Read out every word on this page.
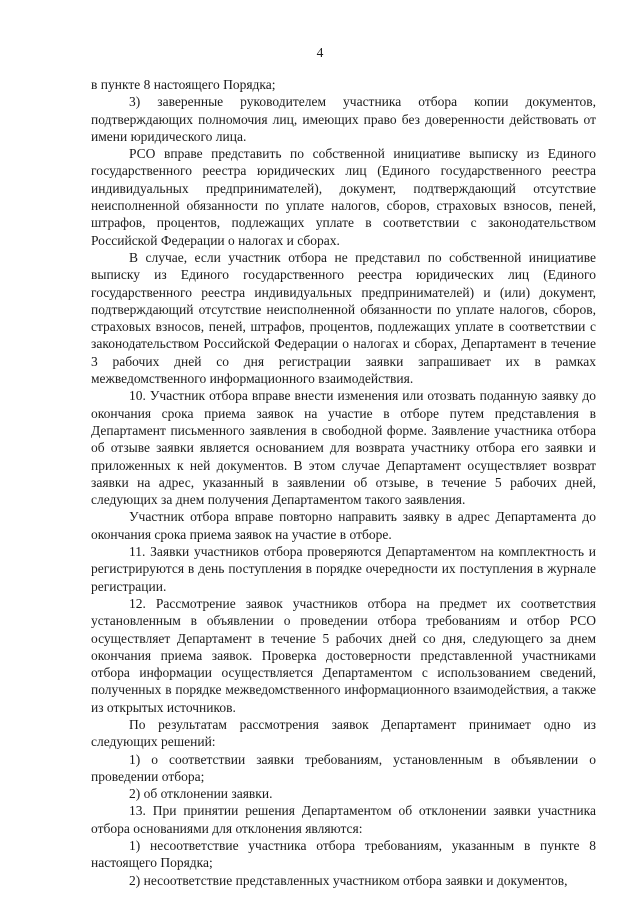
4

в пункте 8 настоящего Порядка;

3) заверенные руководителем участника отбора копии документов, подтверждающих полномочия лиц, имеющих право без доверенности действовать от имени юридического лица.

РСО вправе представить по собственной инициативе выписку из Единого государственного реестра юридических лиц (Единого государственного реестра индивидуальных предпринимателей), документ, подтверждающий отсутствие неисполненной обязанности по уплате налогов, сборов, страховых взносов, пеней, штрафов, процентов, подлежащих уплате в соответствии с законодательством Российской Федерации о налогах и сборах.

В случае, если участник отбора не представил по собственной инициативе выписку из Единого государственного реестра юридических лиц (Единого государственного реестра индивидуальных предпринимателей) и (или) документ, подтверждающий отсутствие неисполненной обязанности по уплате налогов, сборов, страховых взносов, пеней, штрафов, процентов, подлежащих уплате в соответствии с законодательством Российской Федерации о налогах и сборах, Департамент в течение 3 рабочих дней со дня регистрации заявки запрашивает их в рамках межведомственного информационного взаимодействия.

10. Участник отбора вправе внести изменения или отозвать поданную заявку до окончания срока приема заявок на участие в отборе путем представления в Департамент письменного заявления в свободной форме. Заявление участника отбора об отзыве заявки является основанием для возврата участнику отбора его заявки и приложенных к ней документов. В этом случае Департамент осуществляет возврат заявки на адрес, указанный в заявлении об отзыве, в течение 5 рабочих дней, следующих за днем получения Департаментом такого заявления.

Участник отбора вправе повторно направить заявку в адрес Департамента до окончания срока приема заявок на участие в отборе.

11. Заявки участников отбора проверяются Департаментом на комплектность и регистрируются в день поступления в порядке очередности их поступления в журнале регистрации.

12. Рассмотрение заявок участников отбора на предмет их соответствия установленным в объявлении о проведении отбора требованиям и отбор РСО осуществляет Департамент в течение 5 рабочих дней со дня, следующего за днем окончания приема заявок. Проверка достоверности представленной участниками отбора информации осуществляется Департаментом с использованием сведений, полученных в порядке межведомственного информационного взаимодействия, а также из открытых источников.

По результатам рассмотрения заявок Департамент принимает одно из следующих решений:

1) о соответствии заявки требованиям, установленным в объявлении о проведении отбора;

2) об отклонении заявки.

13. При принятии решения Департаментом об отклонении заявки участника отбора основаниями для отклонения являются:

1) несоответствие участника отбора требованиям, указанным в пункте 8 настоящего Порядка;

2) несоответствие представленных участником отбора заявки и документов,
